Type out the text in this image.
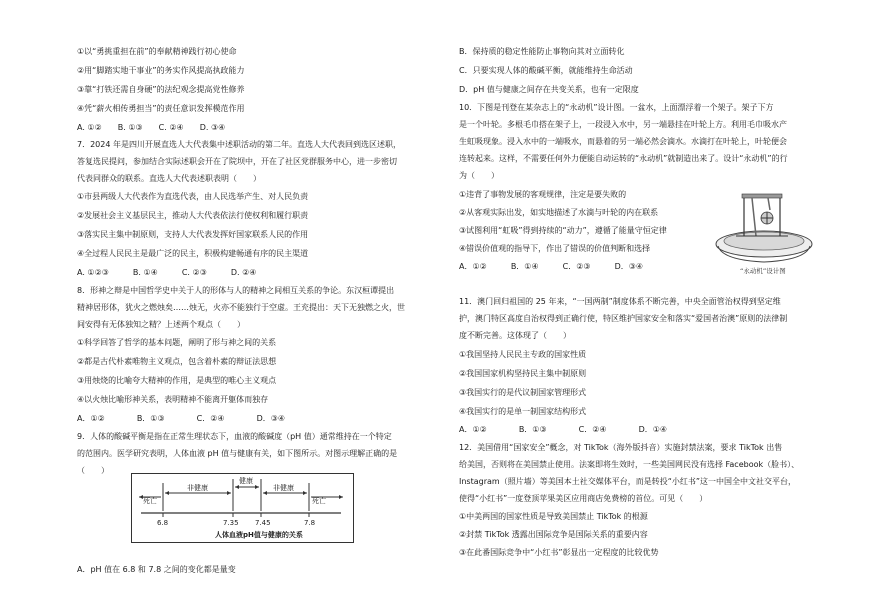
①以“勇挑重担在前”的奉献精神践行初心使命
②用“脚踏实地干事业”的务实作风提高执政能力
③靠“打铁还需自身硬”的法纪观念提高党性修养
④凭“薪火相传勇担当”的责任意识发挥模范作用
A. ①②　　B. ①③　　C. ②④　　D. ③④
7．2024 年是四川开展直选人大代表集中述职活动的第二年。直选人大代表回到选区述职，
答复选民提问，参加结合实际述职会开在了院坝中，开在了社区党群服务中心，进一步密切
代表同群众的联系。直选人大代表述职表明（　　）
①市县两级人大代表作为直选代表，由人民选举产生、对人民负责
②发展社会主义基层民主，推动人大代表依法行使权利和履行职责
③落实民主集中制原则，支持人大代表发挥好国家联系人民的作用
④全过程人民民主是最广泛的民主，积极构建畅通有序的民主渠道
A. ①②③　　　B. ①④　　　C. ②③　　　D. ②④
8．形神之辩是中国哲学史中关于人的形体与人的精神之间相互关系的争论。东汉桓谭提出
精神居形体，犹火之燃烛矣……烛无，火亦不能独行于空虚。王充提出：天下无独燃之火，世
间安得有无体独知之精？上述两个观点（　　）
①科学回答了哲学的基本问题，阐明了形与神之间的关系
②都是古代朴素唯物主义观点，包含着朴素的辩证法思想
③用烛烧的比喻夸大精神的作用，是典型的唯心主义观点
④以火烛比喻形神关系，表明精神不能离开躯体而独存
A．①②　　　　B．①③　　　　C．②④　　　　D．③④
9．人体的酸碱平衡是指在正常生理状态下，血液的酸碱度（pH 值）通常维持在一个特定
的范围内。医学研究表明，人体血液 pH 值与健康有关，如下图所示。对图示理解正确的是
（　　）
A．pH 值在 6.8 和 7.8 之间的变化都是量变
B．保持质的稳定性能防止事物向其对立面转化
C．只要实现人体的酸碱平衡，就能维持生命活动
D．pH 值与健康之间存在共变关系，也有一定限度
10．下图是刊登在某杂志上的“永动机”设计图。一盆水，上面漂浮着一个架子。架子下方
是一个叶轮。多根毛巾搭在架子上，一段浸入水中，另一端悬挂在叶轮上方。利用毛巾吸水产
生虹吸现象。浸入水中的一端吸水，而悬着的另一端必然会滴水。水滴打在叶轮上，叶轮便会
连转起来。这样，不需要任何外力便能自动运转的“永动机”就制造出来了。设计“永动机”的行
为（　　）
①违背了事物发展的客观规律，注定是要失败的
②从客观实际出发，如实地描述了水滴与叶轮的内在联系
③试图利用“虹吸”得到持续的“动力”，遵循了能量守恒定律
④错误价值观的指导下，作出了错误的价值判断和选择
A．①②　　　B．①④　　　C．②③　　　D．③④
11．澳门回归祖国的 25 年来，“一国两制”制度体系不断完善，中央全面管治权得到坚定维
护，澳门特区高度自治权得到正确行使，特区维护国家安全和落实“爱国者治澳”原则的法律制
度不断完善。这体现了（　　）
①我国坚持人民民主专政的国家性质
②我国国家机构坚持民主集中制原则
③我国实行的是代议制国家管理形式
④我国实行的是单一制国家结构形式
A．①②　　　　B．①③　　　　C．②④　　　　D．①④
12．美国借用“国家安全”概念，对 TikTok（海外版抖音）实施封禁法案，要求 TikTok 出售
给美国，否则将在美国禁止使用。法案即将生效时，一些美国网民没有选择 Facebook（脸书）、
Instagram（照片墙）等美国本土社交媒体平台，而是转投“小红书”这一中国全中文社交平台，
使得“小红书”一度登顶苹果美区应用商店免费榜的首位。可见（　　）
①中美两国的国家性质是导致美国禁止 TikTok 的根源
②封禁 TikTok 透露出国际竞争是国际关系的重要内容
③在此番国际竞争中“小红书”彰显出一定程度的比较优势
死亡
非健康
健康
非健康
死亡
6.8	7.35 7.45	7.8
人体血液pH值与健康的关系
“永动机”设计图
